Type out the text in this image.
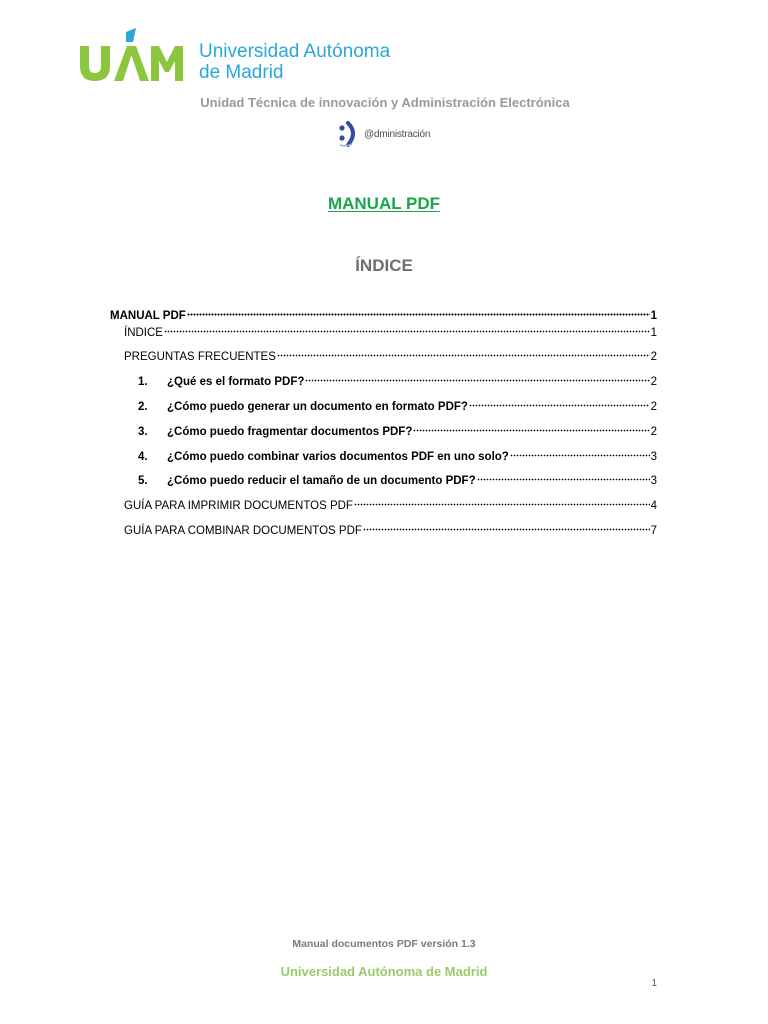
Universidad Autónoma
de Madrid
Unidad Técnica de innovación y Administración Electrónica
@dministración
MANUAL PDF
ÍNDICE
MANUAL PDF	1
ÍNDICE	1
PREGUNTAS FRECUENTES	2
1.	¿Qué es el formato PDF?	2
2.	¿Cómo puedo generar un documento en formato PDF?	2
3.	¿Cómo puedo fragmentar documentos PDF?	2
4.	¿Cómo puedo combinar varios documentos PDF en uno solo?	3
5.	¿Cómo puedo reducir el tamaño de un documento PDF?	3
GUÍA PARA IMPRIMIR DOCUMENTOS PDF	4
GUÍA PARA COMBINAR DOCUMENTOS PDF	7
Manual documentos PDF versión 1.3
Universidad Autónoma de Madrid
1
